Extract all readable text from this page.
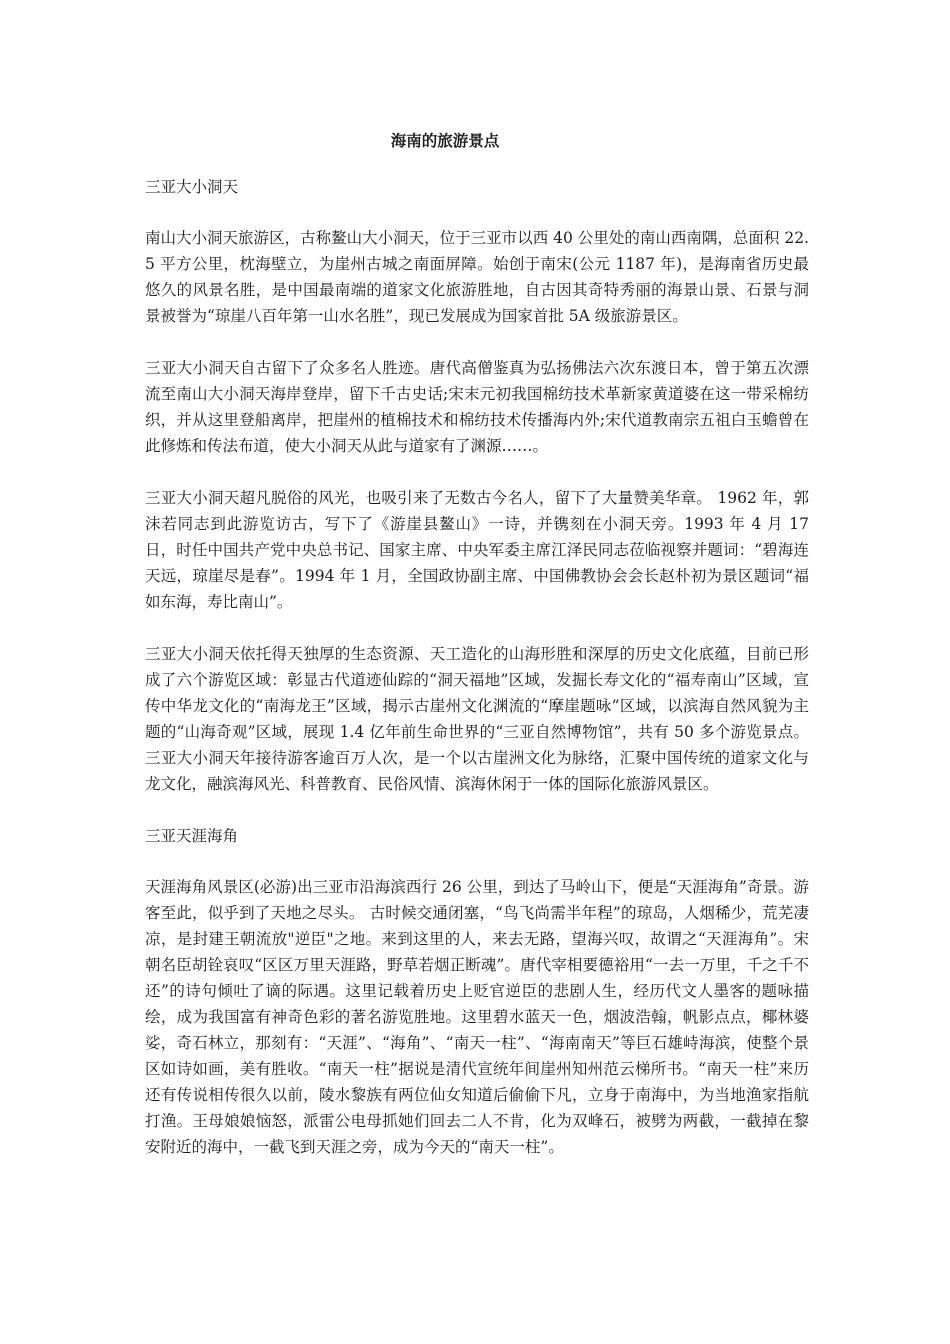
海南的旅游景点

三亚大小洞天

南山大小洞天旅游区，古称鳌山大小洞天，位于三亚市以西 40 公里处的南山西南隅，总面积 22.5 平方公里，枕海壁立，为崖州古城之南面屏障。始创于南宋(公元 1187 年)，是海南省历史最悠久的风景名胜，是中国最南端的道家文化旅游胜地，自古因其奇特秀丽的海景山景、石景与洞景被誉为“琼崖八百年第一山水名胜”，现已发展成为国家首批 5A 级旅游景区。

三亚大小洞天自古留下了众多名人胜迹。唐代高僧鉴真为弘扬佛法六次东渡日本，曾于第五次漂流至南山大小洞天海岸登岸，留下千古史话;宋末元初我国棉纺技术革新家黄道婆在这一带采棉纺织，并从这里登船离岸，把崖州的植棉技术和棉纺技术传播海内外;宋代道教南宗五祖白玉蟾曾在此修炼和传法布道，使大小洞天从此与道家有了渊源……。

三亚大小洞天超凡脱俗的风光，也吸引来了无数古今名人，留下了大量赞美华章。 1962 年，郭沫若同志到此游览访古，写下了《游崖县鳌山》一诗，并镌刻在小洞天旁。1993 年 4 月 17 日，时任中国共产党中央总书记、国家主席、中央军委主席江泽民同志莅临视察并题词：“碧海连天远，琼崖尽是春”。1994 年 1 月，全国政协副主席、中国佛教协会会长赵朴初为景区题词“福如东海，寿比南山”。

三亚大小洞天依托得天独厚的生态资源、天工造化的山海形胜和深厚的历史文化底蕴，目前已形成了六个游览区域：彰显古代道迹仙踪的“洞天福地”区域，发掘长寿文化的“福寿南山”区域，宣传中华龙文化的“南海龙王”区域，揭示古崖州文化渊流的“摩崖题咏”区域，以滨海自然风貌为主题的“山海奇观”区域，展现 1.4 亿年前生命世界的“三亚自然博物馆”，共有 50 多个游览景点。三亚大小洞天年接待游客逾百万人次，是一个以古崖洲文化为脉络，汇聚中国传统的道家文化与龙文化，融滨海风光、科普教育、民俗风情、滨海休闲于一体的国际化旅游风景区。

三亚天涯海角

天涯海角风景区(必游)出三亚市沿海滨西行 26 公里，到达了马岭山下，便是“天涯海角”奇景。游客至此，似乎到了天地之尽头。 古时候交通闭塞，“鸟飞尚需半年程”的琼岛，人烟稀少，荒芜凄凉，是封建王朝流放"逆臣"之地。来到这里的人，来去无路，望海兴叹，故谓之“天涯海角”。宋朝名臣胡铨哀叹“区区万里天涯路，野草若烟正断魂”。唐代宰相要德裕用“一去一万里，千之千不还”的诗句倾吐了谪的际遇。这里记载着历史上贬官逆臣的悲剧人生，经历代文人墨客的题咏描绘，成为我国富有神奇色彩的著名游览胜地。这里碧水蓝天一色，烟波浩翰，帆影点点，椰林婆娑，奇石林立，那刻有：“天涯”、“海角”、“南天一柱”、“海南南天”等巨石雄峙海滨，使整个景区如诗如画，美有胜收。“南天一柱”据说是清代宣统年间崖州知州范云梯所书。“南天一柱”来历还有传说相传很久以前，陵水黎族有两位仙女知道后偷偷下凡，立身于南海中，为当地渔家指航打渔。王母娘娘恼怒，派雷公电母抓她们回去二人不肯，化为双峰石，被劈为两截，一截掉在黎安附近的海中，一截飞到天涯之旁，成为今天的“南天一柱”。
